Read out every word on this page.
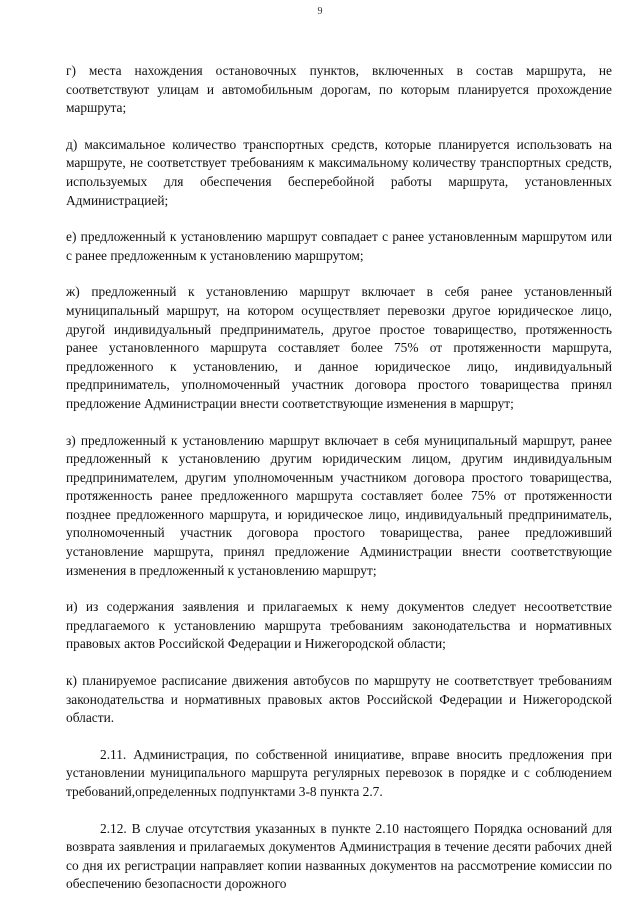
9

г) места нахождения остановочных пунктов, включенных в состав маршрута, не соответствуют улицам и автомобильным дорогам, по которым планируется прохождение маршрута;

д) максимальное количество транспортных средств, которые планируется использовать на маршруте, не соответствует требованиям к максимальному количеству транспортных средств, используемых для обеспечения бесперебойной работы маршрута, установленных Администрацией;

е) предложенный к установлению маршрут совпадает с ранее установленным маршрутом или с ранее предложенным к установлению маршрутом;

ж) предложенный к установлению маршрут включает в себя ранее установленный муниципальный маршрут, на котором осуществляет перевозки другое юридическое лицо, другой индивидуальный предприниматель, другое простое товарищество, протяженность ранее установленного маршрута составляет более 75% от протяженности маршрута, предложенного к установлению, и данное юридическое лицо, индивидуальный предприниматель, уполномоченный участник договора простого товарищества принял предложение Администрации внести соответствующие изменения в маршрут;

з) предложенный к установлению маршрут включает в себя муниципальный маршрут, ранее предложенный к установлению другим юридическим лицом, другим индивидуальным предпринимателем, другим уполномоченным участником договора простого товарищества, протяженность ранее предложенного маршрута составляет более 75% от протяженности позднее предложенного маршрута, и юридическое лицо, индивидуальный предприниматель, уполномоченный участник договора простого товарищества, ранее предложивший установление маршрута, принял предложение Администрации внести соответствующие изменения в предложенный к установлению маршрут;

и) из содержания заявления и прилагаемых к нему документов следует несоответствие предлагаемого к установлению маршрута требованиям законодательства и нормативных правовых актов Российской Федерации и Нижегородской области;

к) планируемое расписание движения автобусов по маршруту не соответствует требованиям законодательства и нормативных правовых актов Российской Федерации и Нижегородской области.

2.11. Администрация, по собственной инициативе, вправе вносить предложения при установлении муниципального маршрута регулярных перевозок в порядке и с соблюдением требований,определенных подпунктами 3-8 пункта 2.7.

2.12. В случае отсутствия указанных в пункте 2.10 настоящего Порядка оснований для возврата заявления и прилагаемых документов Администрация в течение десяти рабочих дней со дня их регистрации направляет копии названных документов на рассмотрение комиссии по обеспечению безопасности дорожного
